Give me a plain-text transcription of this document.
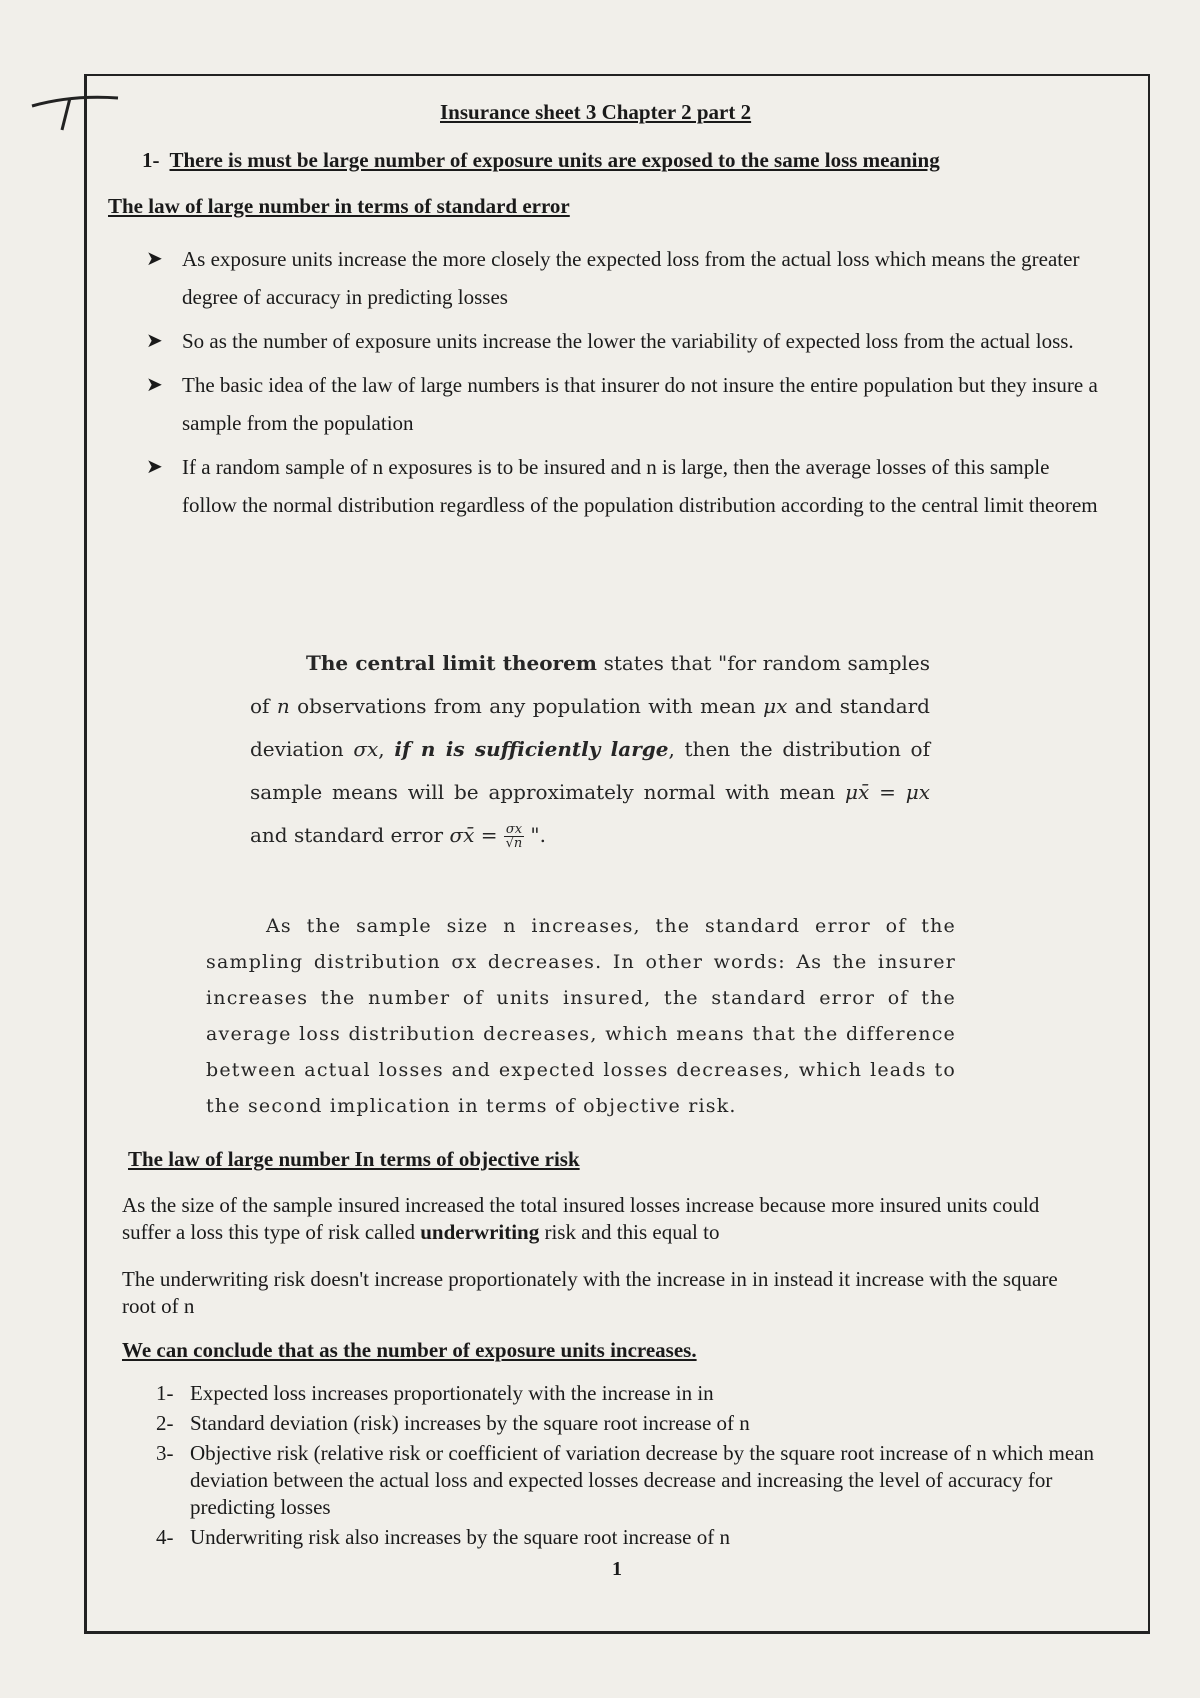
Insurance sheet 3 Chapter 2 part 2
1- There is must be large number of exposure units are exposed to the same loss meaning
The law of large number in terms of standard error
➤ As exposure units increase the more closely the expected loss from the actual loss which means the greater degree of accuracy in predicting losses
➤ So as the number of exposure units increase the lower the variability of expected loss from the actual loss.
➤ The basic idea of the law of large numbers is that insurer do not insure the entire population but they insure a sample from the population
➤ If a random sample of n exposures is to be insured and n is large, then the average losses of this sample follow the normal distribution regardless of the population distribution according to the central limit theorem
The central limit theorem states that "for random samples of n observations from any population with mean μx and standard deviation σx, if n is sufficiently large, then the distribution of sample means will be approximately normal with mean μx̄ = μx and standard error σx̄ = $\frac{\sigma x}{√n}$ ".
As the sample size n increases, the standard error of the sampling distribution σx decreases. In other words: As the insurer increases the number of units insured, the standard error of the average loss distribution decreases, which means that the difference between actual losses and expected losses decreases, which leads to the second implication in terms of objective risk.
The law of large number In terms of objective risk
As the size of the sample insured increased the total insured losses increase because more insured units could suffer a loss this type of risk called underwriting risk and this equal to
The underwriting risk doesn't increase proportionately with the increase in in instead it increase with the square root of n
We can conclude that as the number of exposure units increases.
1- Expected loss increases proportionately with the increase in in
2- Standard deviation (risk) increases by the square root increase of n
3- Objective risk (relative risk or coefficient of variation decrease by the square root increase of n which mean deviation between the actual loss and expected losses decrease and increasing the level of accuracy for predicting losses
4- Underwriting risk also increases by the square root increase of n
1
